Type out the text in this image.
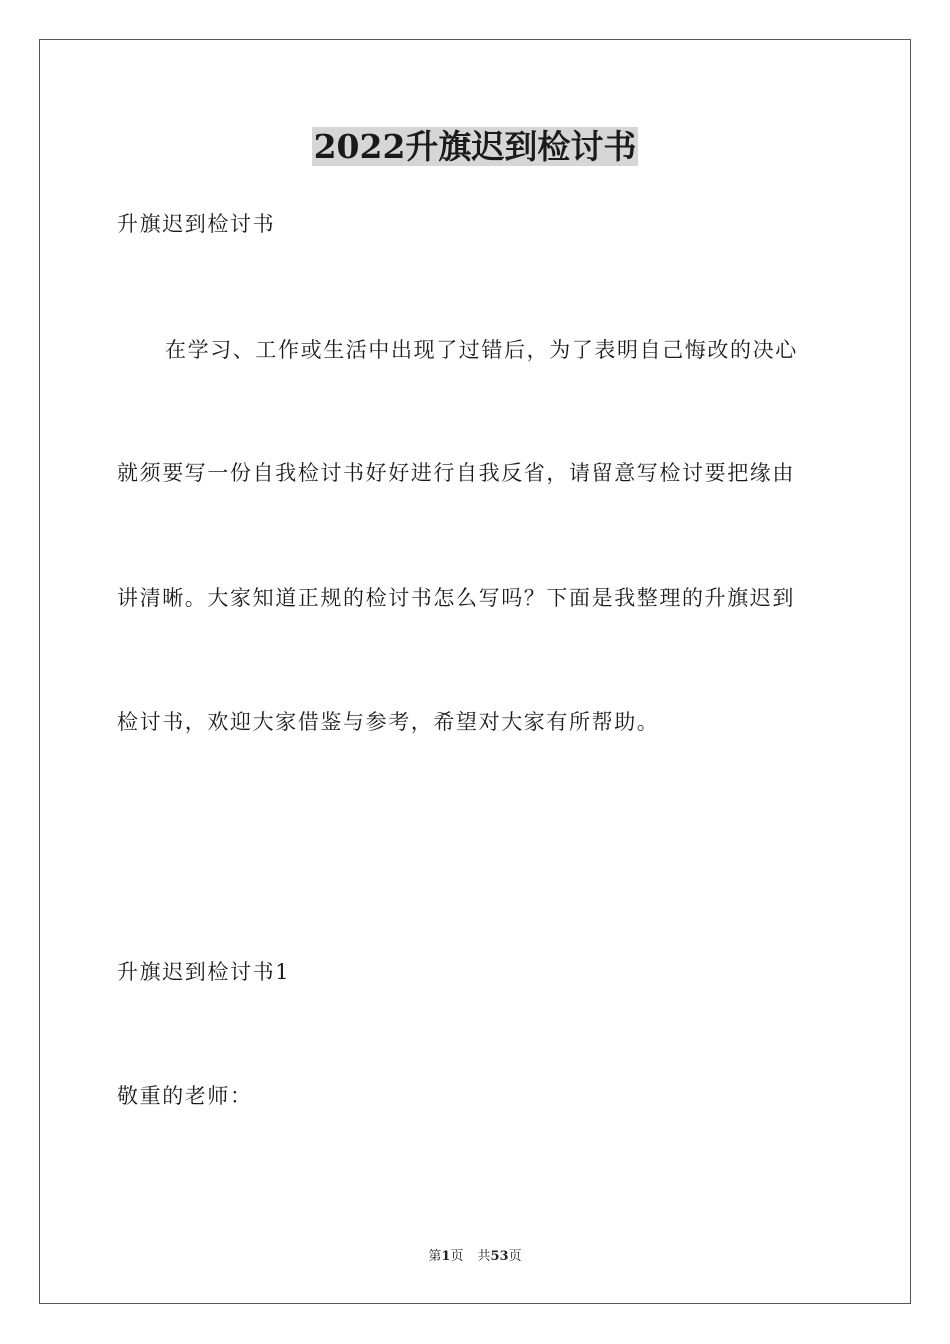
2022升旗迟到检讨书
升旗迟到检讨书
在学习、工作或生活中出现了过错后，为了表明自己悔改的决心
就须要写一份自我检讨书好好进行自我反省，请留意写检讨要把缘由
讲清晰。大家知道正规的检讨书怎么写吗？下面是我整理的升旗迟到
检讨书，欢迎大家借鉴与参考，希望对大家有所帮助。
升旗迟到检讨书1
敬重的老师：
第1页 共53页
